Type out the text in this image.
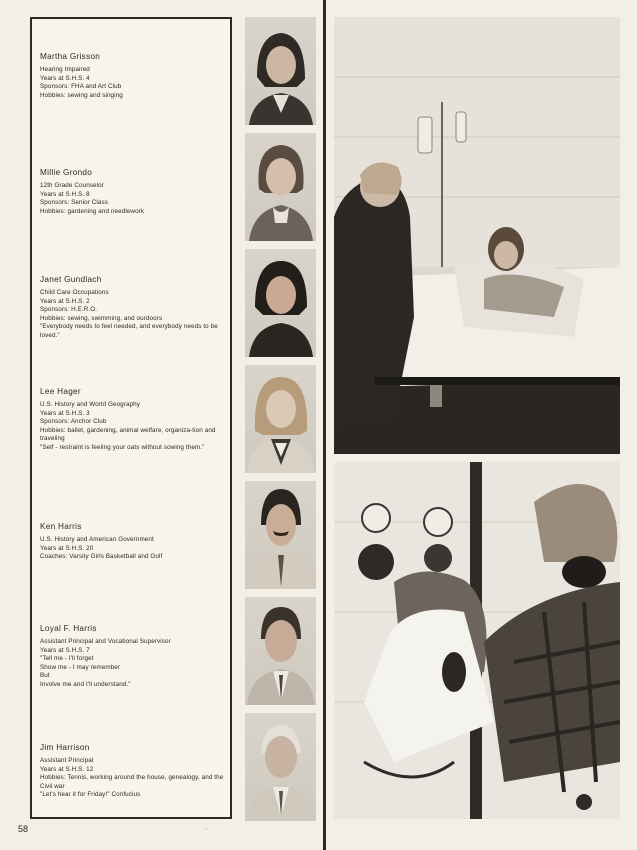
Martha Grisson
Hearing Impaired
Years at S.H.S. 4
Sponsors: FHA and Art Club
Hobbies: sewing and singing
Millie Grondo
12th Grade Counselor
Years at S.H.S. 8
Sponsors: Senior Class
Hobbies: gardening and needlework
Janet Gundlach
Child Care Occupations
Years at S.H.S. 2
Sponsors: H.E.R.O.
Hobbies: sewing, swimming, and ourdoors
"Everybody needs to feel needed, and everybody needs to be loved."
Lee Hager
U.S. History and World Geography
Years at S.H.S. 3
Sponsors: Anchor Club
Hobbies: ballet, gardening, animal welfare, organiza-tion and traveling
"Self - restraint is feeling your oats without sowing them."
Ken Harris
U.S. History and American Government
Years at S.H.S. 20
Coaches: Varsity Girls Basketball and Golf
Loyal F. Harris
Assistant Principal and Vocational Supervisor
Years at S.H.S. 7
"Tell me - I'll forget
Show me - I may remember
But
Involve me and I'll understand."
Jim Harrison
Assistant Principal
Years at S.H.S. 12
Hobbies: Tennis, working around the house, genealogy, and the Civil war
"Let's hear it for Friday!" Confucius
58	'
